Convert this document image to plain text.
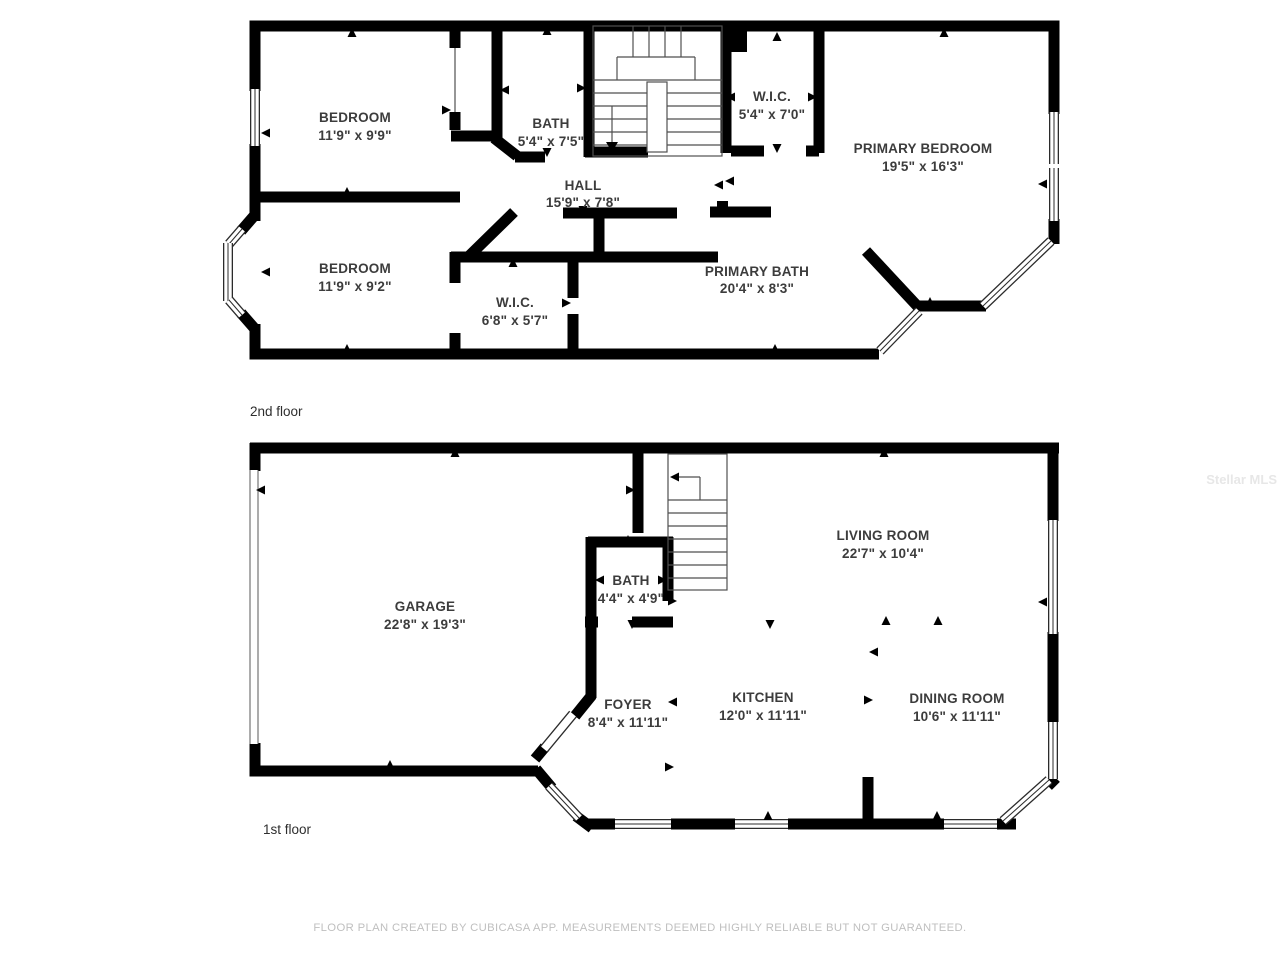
BEDROOM
11'9" x 9'9"
BATH
5'4" x 7'5"
W.I.C.
5'4" x 7'0"
PRIMARY BEDROOM
19'5" x 16'3"
HALL
15'9" x 7'8"
BEDROOM
11'9" x 9'2"
W.I.C.
6'8" x 5'7"
PRIMARY BATH
20'4" x 8'3"
2nd floor
GARAGE
22'8" x 19'3"
BATH
4'4" x 4'9"
LIVING ROOM
22'7" x 10'4"
FOYER
8'4" x 11'11"
KITCHEN
12'0" x 11'11"
DINING ROOM
10'6" x 11'11"
1st floor
FLOOR PLAN CREATED BY CUBICASA APP. MEASUREMENTS DEEMED HIGHLY RELIABLE BUT NOT GUARANTEED.
Stellar MLS
